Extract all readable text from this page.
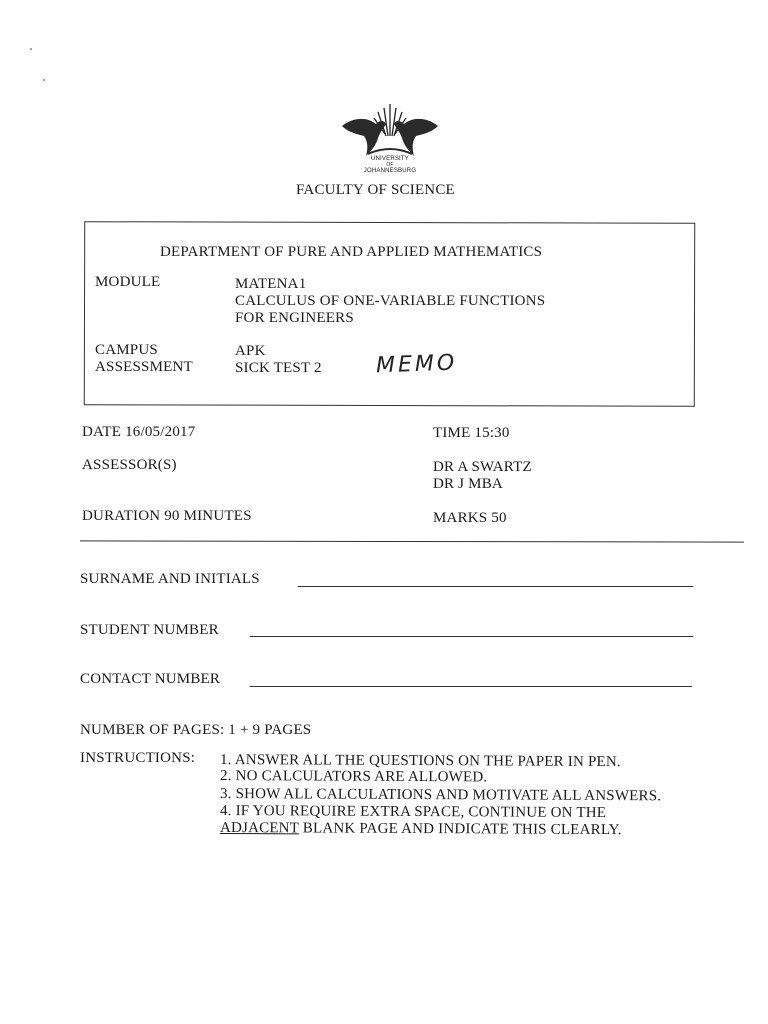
UNIVERSITY
OF
JOHANNESBURG
FACULTY OF SCIENCE
DEPARTMENT OF PURE AND APPLIED MATHEMATICS
MODULE	MATENA1
CALCULUS OF ONE-VARIABLE FUNCTIONS
FOR ENGINEERS
CAMPUS	APK
ASSESSMENT	SICK TEST 2 MEMO
DATE 16/05/2017	TIME 15:30
ASSESSOR(S)	DR A SWARTZ
DR J MBA
DURATION 90 MINUTES	MARKS 50
SURNAME AND INITIALS
STUDENT NUMBER
CONTACT NUMBER
NUMBER OF PAGES: 1 + 9 PAGES
INSTRUCTIONS: 1. ANSWER ALL THE QUESTIONS ON THE PAPER IN PEN.
2. NO CALCULATORS ARE ALLOWED.
3. SHOW ALL CALCULATIONS AND MOTIVATE ALL ANSWERS.
4. IF YOU REQUIRE EXTRA SPACE, CONTINUE ON THE
ADJACENT BLANK PAGE AND INDICATE THIS CLEARLY.
